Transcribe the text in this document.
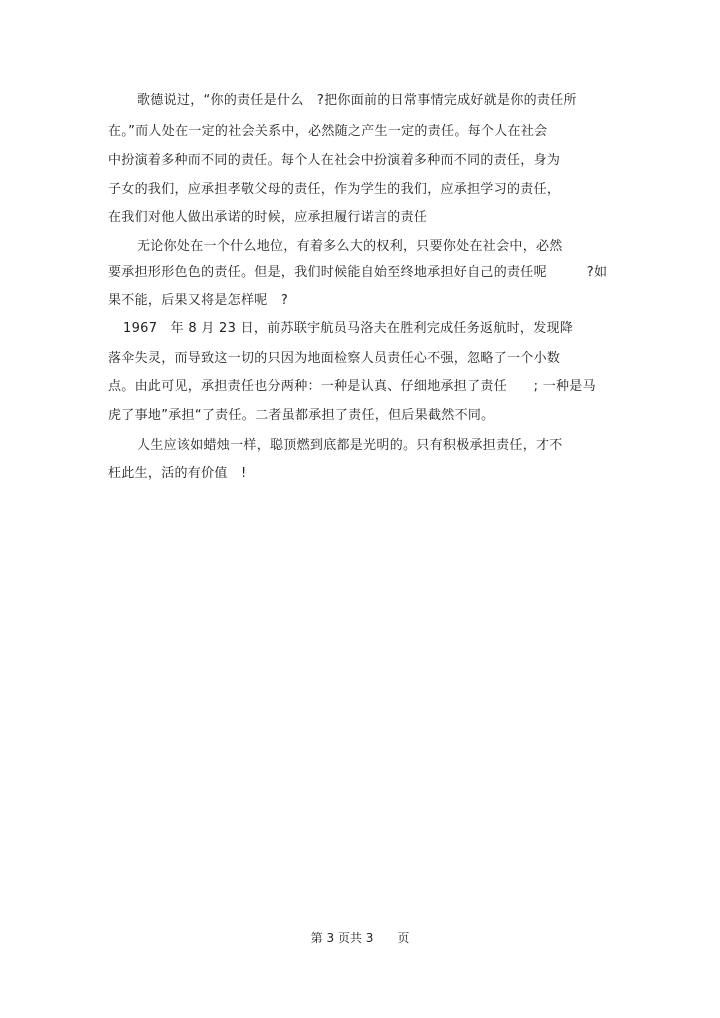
歌德说过，“你的责任是什么　?把你面前的日常事情完成好就是你的责任所
在。”而人处在一定的社会关系中，必然随之产生一定的责任。每个人在社会
中扮演着多种而不同的责任。每个人在社会中扮演着多种而不同的责任，身为
子女的我们，应承担孝敬父母的责任，作为学生的我们，应承担学习的责任，
在我们对他人做出承诺的时候，应承担履行诺言的责任
无论你处在一个什么地位，有着多么大的权利，只要你处在社会中，必然
要承担形形色色的责任。但是，我们时候能自始至终地承担好自己的责任呢　　　?如
果不能，后果又将是怎样呢　?
1967　年 8 月 23 日，前苏联宇航员马洛夫在胜利完成任务返航时，发现降
落伞失灵，而导致这一切的只因为地面检察人员责任心不强，忽略了一个小数
点。由此可见，承担责任也分两种：一种是认真、仔细地承担了责任　　; 一种是马
虎了事地”承担“了责任。二者虽都承担了责任，但后果截然不同。
人生应该如蜡烛一样，聪顶燃到底都是光明的。只有积极承担责任，才不
枉此生，活的有价值　!
第 3 页共 3　　页
